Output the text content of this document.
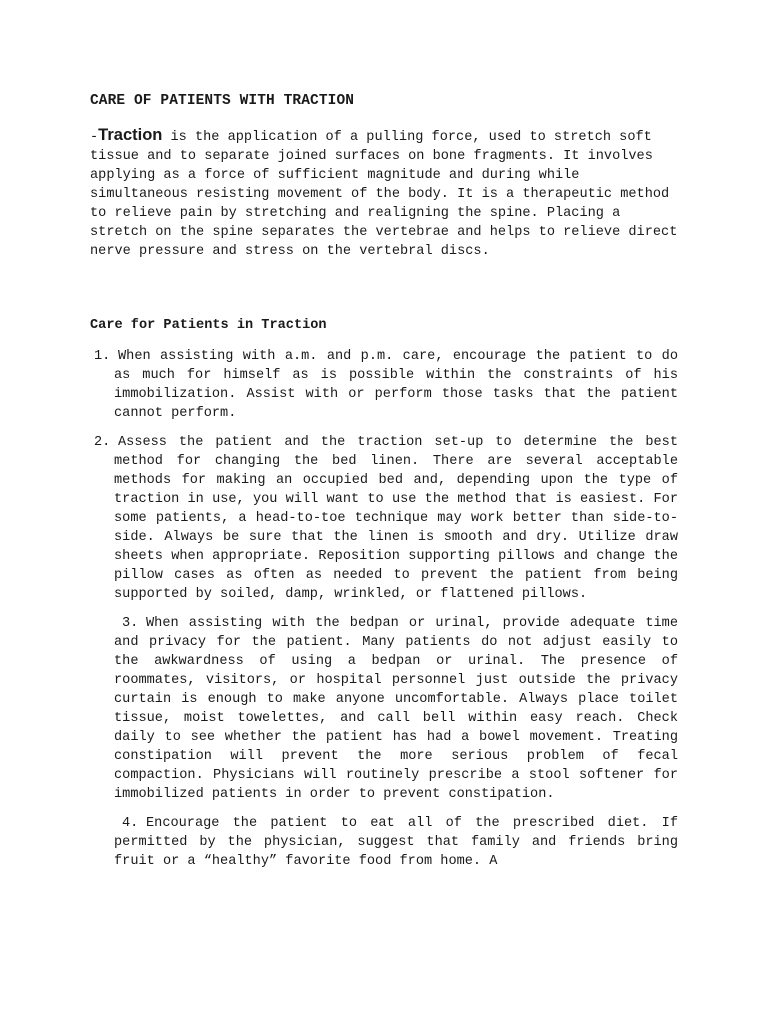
CARE OF PATIENTS WITH TRACTION
-Traction is the application of a pulling force, used to stretch soft tissue and to separate joined surfaces on bone fragments. It involves applying as a force of sufficient magnitude and during while simultaneous resisting movement of the body. It is a therapeutic method to relieve pain by stretching and realigning the spine. Placing a stretch on the spine separates the vertebrae and helps to relieve direct nerve pressure and stress on the vertebral discs.
Care for Patients in Traction
1. When assisting with a.m. and p.m. care, encourage the patient to do as much for himself as is possible within the constraints of his immobilization. Assist with or perform those tasks that the patient cannot perform.
2. Assess the patient and the traction set-up to determine the best method for changing the bed linen. There are several acceptable methods for making an occupied bed and, depending upon the type of traction in use, you will want to use the method that is easiest. For some patients, a head-to-toe technique may work better than side-to-side. Always be sure that the linen is smooth and dry. Utilize draw sheets when appropriate. Reposition supporting pillows and change the pillow cases as often as needed to prevent the patient from being supported by soiled, damp, wrinkled, or flattened pillows.
3. When assisting with the bedpan or urinal, provide adequate time and privacy for the patient. Many patients do not adjust easily to the awkwardness of using a bedpan or urinal. The presence of roommates, visitors, or hospital personnel just outside the privacy curtain is enough to make anyone uncomfortable. Always place toilet tissue, moist towelettes, and call bell within easy reach. Check daily to see whether the patient has had a bowel movement. Treating constipation will prevent the more serious problem of fecal compaction. Physicians will routinely prescribe a stool softener for immobilized patients in order to prevent constipation.
4. Encourage the patient to eat all of the prescribed diet. If permitted by the physician, suggest that family and friends bring fruit or a “healthy” favorite food from home. A
